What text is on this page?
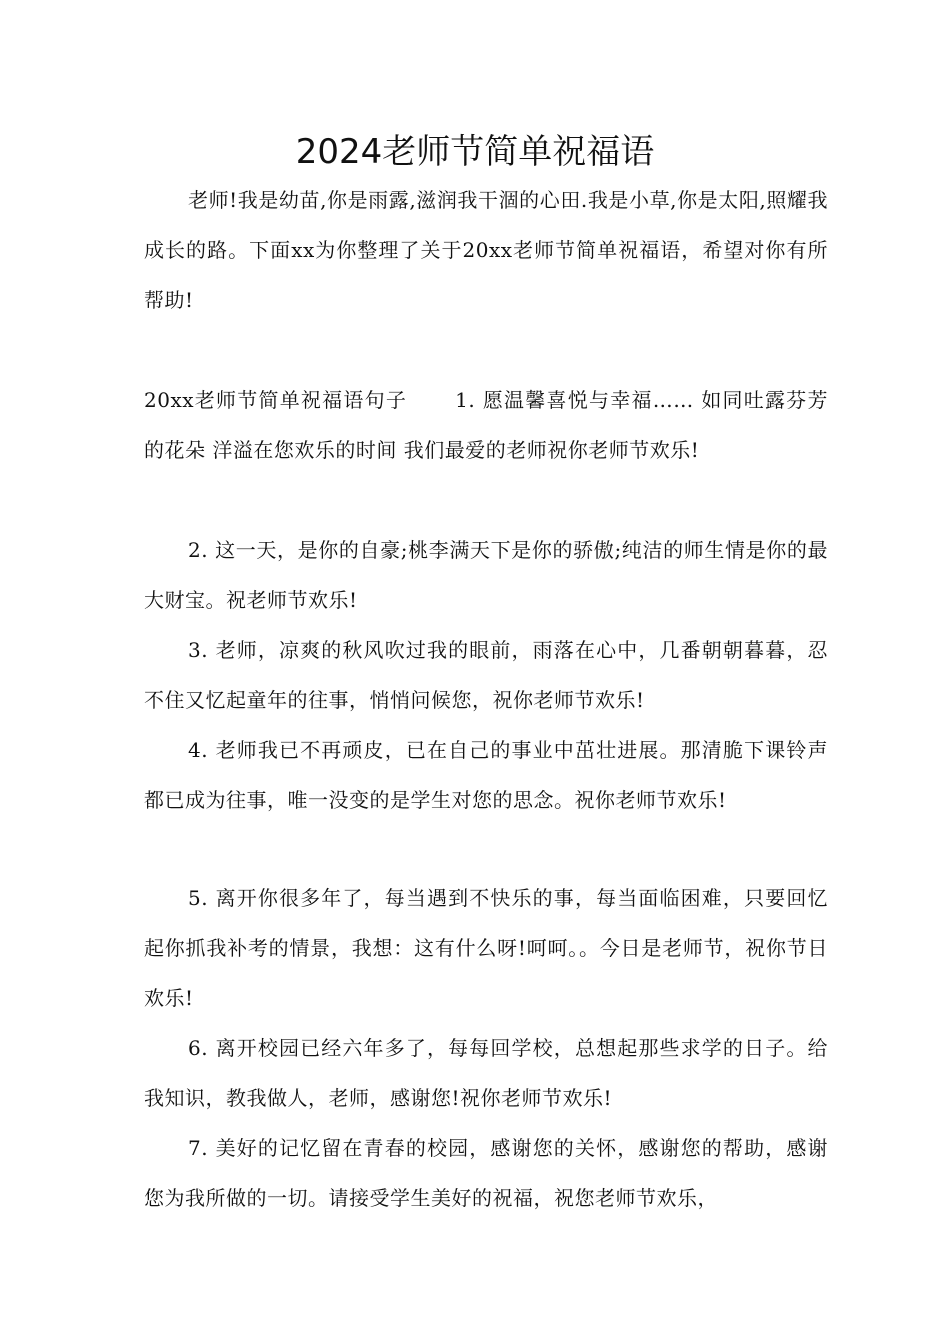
2024老师节简单祝福语

老师!我是幼苗,你是雨露,滋润我干涸的心田.我是小草,你是太阳,照耀我成长的路。下面xx为你整理了关于20xx老师节简单祝福语，希望对你有所帮助!

20xx老师节简单祝福语句子 1. 愿温馨喜悦与幸福…… 如同吐露芬芳的花朵 洋溢在您欢乐的时间 我们最爱的老师祝你老师节欢乐!

2. 这一天，是你的自豪;桃李满天下是你的骄傲;纯洁的师生情是你的最大财宝。祝老师节欢乐!

3. 老师，凉爽的秋风吹过我的眼前，雨落在心中，几番朝朝暮暮，忍不住又忆起童年的往事，悄悄问候您，祝你老师节欢乐!

4. 老师我已不再顽皮，已在自己的事业中茁壮进展。那清脆下课铃声都已成为往事，唯一没变的是学生对您的思念。祝你老师节欢乐!

5. 离开你很多年了，每当遇到不快乐的事，每当面临困难，只要回忆起你抓我补考的情景，我想：这有什么呀!呵呵。。今日是老师节，祝你节日欢乐!

6. 离开校园已经六年多了，每每回学校，总想起那些求学的日子。给我知识，教我做人，老师，感谢您!祝你老师节欢乐!

7. 美好的记忆留在青春的校园，感谢您的关怀，感谢您的帮助，感谢您为我所做的一切。请接受学生美好的祝福，祝您老师节欢乐，
